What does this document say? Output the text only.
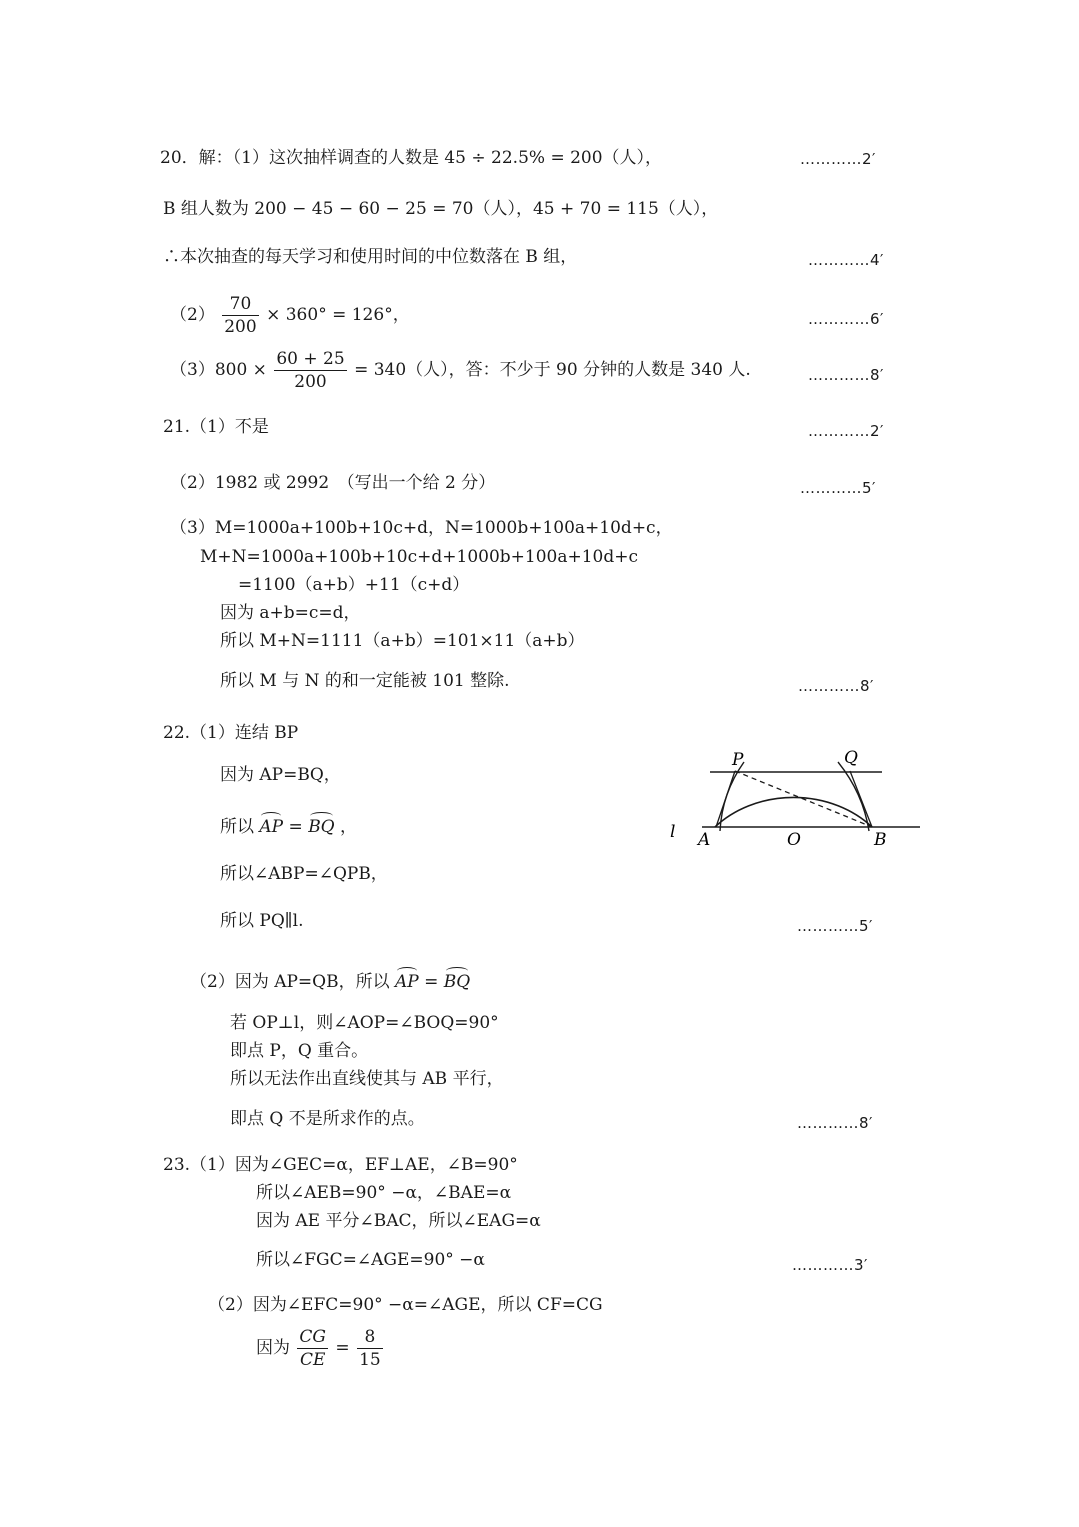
20．解：（1）这次抽样调查的人数是 45 ÷ 22.5% = 200（人），	…………2′
B 组人数为 200 − 45 − 60 − 25 = 70（人），45 + 70 = 115（人），
∴本次抽查的每天学习和使用时间的中位数落在 B 组，	…………4′
$(2) \frac{70}{200} \times 360^\circ = 126^\circ$，	…………6′
$(3)800 \times \frac{60 + 25}{200} = 340$（人），答：不少于 90 分钟的人数是 340 人.	…………8′
21.（1）不是	…………2′
（2）1982 或 2992　（写出一个给 2 分）	…………5′
（3）M=1000a+100b+10c+d，N=1000b+100a+10d+c，
M+N=1000a+100b+10c+d+1000b+100a+10d+c
=1100（a+b）+11（c+d）
因为 a+b=c=d，
所以 M+N=1111（a+b）=101×11（a+b）
所以 M 与 N 的和一定能被 101 整除.	…………8′
22.（1）连结 BP
因为 AP=BQ，
所以 AP = BQ ，
所以∠ABP=∠QPB，
所以 PQ∥l.	…………5′
（2）因为 AP=QB，所以 AP = BQ
若 OP⊥l，则∠AOP=∠BOQ=90°
即点 P，Q 重合。
所以无法作出直线使其与 AB 平行，
即点 Q 不是所求作的点。	…………8′
P	Q
l A	O	B
23.（1）因为∠GEC=α，EF⊥AE，∠B=90°
所以∠AEB=90° −α，∠BAE=α
因为 AE 平分∠BAC，所以∠EAG=α
所以∠FGC=∠AGE=90° −α	…………3′
（2）因为∠EFC=90° −α=∠AGE，所以 CF=CG
因为 $\frac{CG}{CE} = \frac{8}{15}$
